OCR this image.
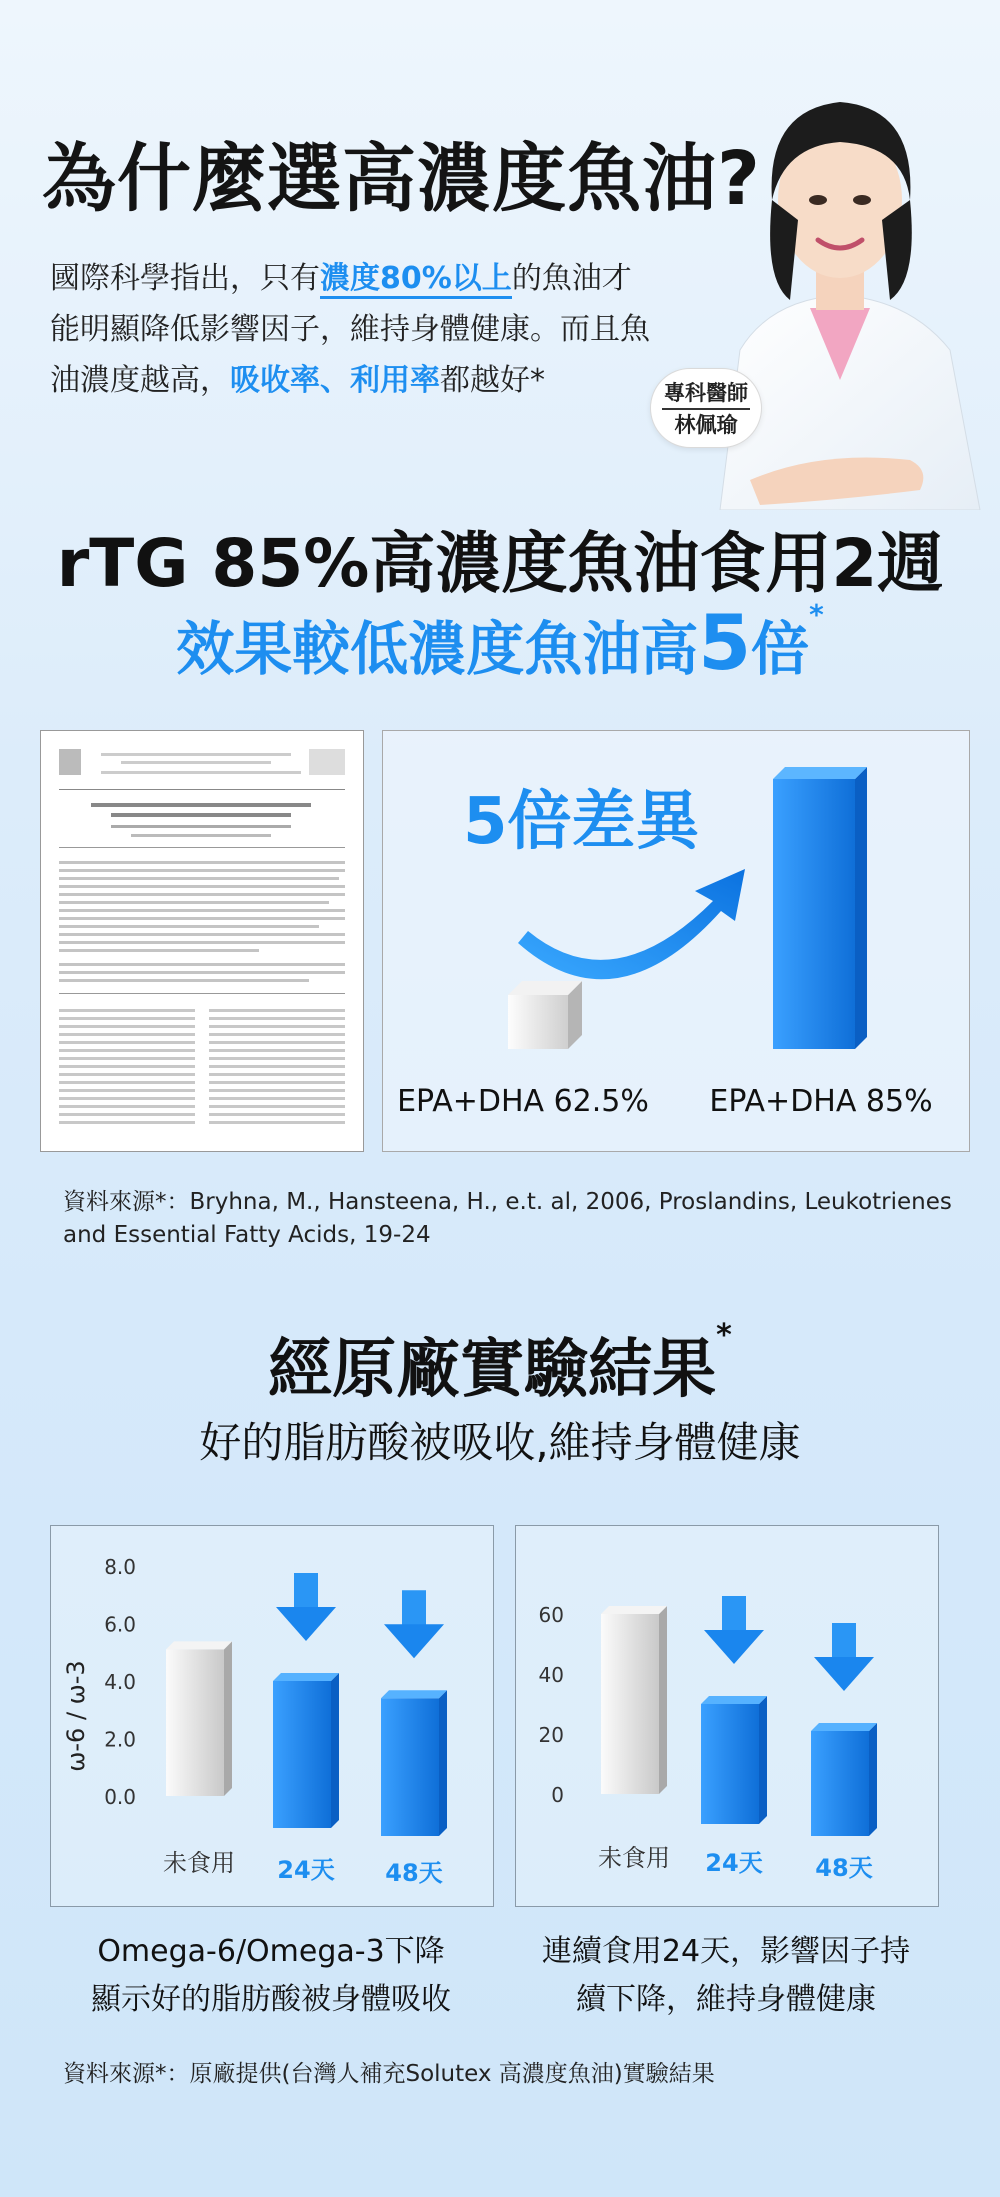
為什麼選高濃度魚油?
國際科學指出，只有濃度80%以上的魚油才能明顯降低影響因子，維持身體健康。而且魚油濃度越高，吸收率、利用率都越好*	專科醫師
林佩瑜
rTG 85%高濃度魚油食用2週
效果較低濃度魚油高5倍*
5倍差異
EPA+DHA 62.5% EPA+DHA 85%
資料來源*：Bryhna, M., Hansteena, H., e.t. al, 2006, Proslandins, Leukotrienes and Essential Fatty Acids, 19-24
經原廠實驗結果*
好的脂肪酸被吸收,維持身體健康
ω-6 / ω-3
8.0
6.0
4.0
2.0
0.0
未食用 24天 48天
60
40
20
0
未食用 24天 48天
Omega-6/Omega-3下降
顯示好的脂肪酸被身體吸收
連續食用24天，影響因子持
續下降，維持身體健康
資料來源*：原廠提供(台灣人補充Solutex 高濃度魚油)實驗結果
